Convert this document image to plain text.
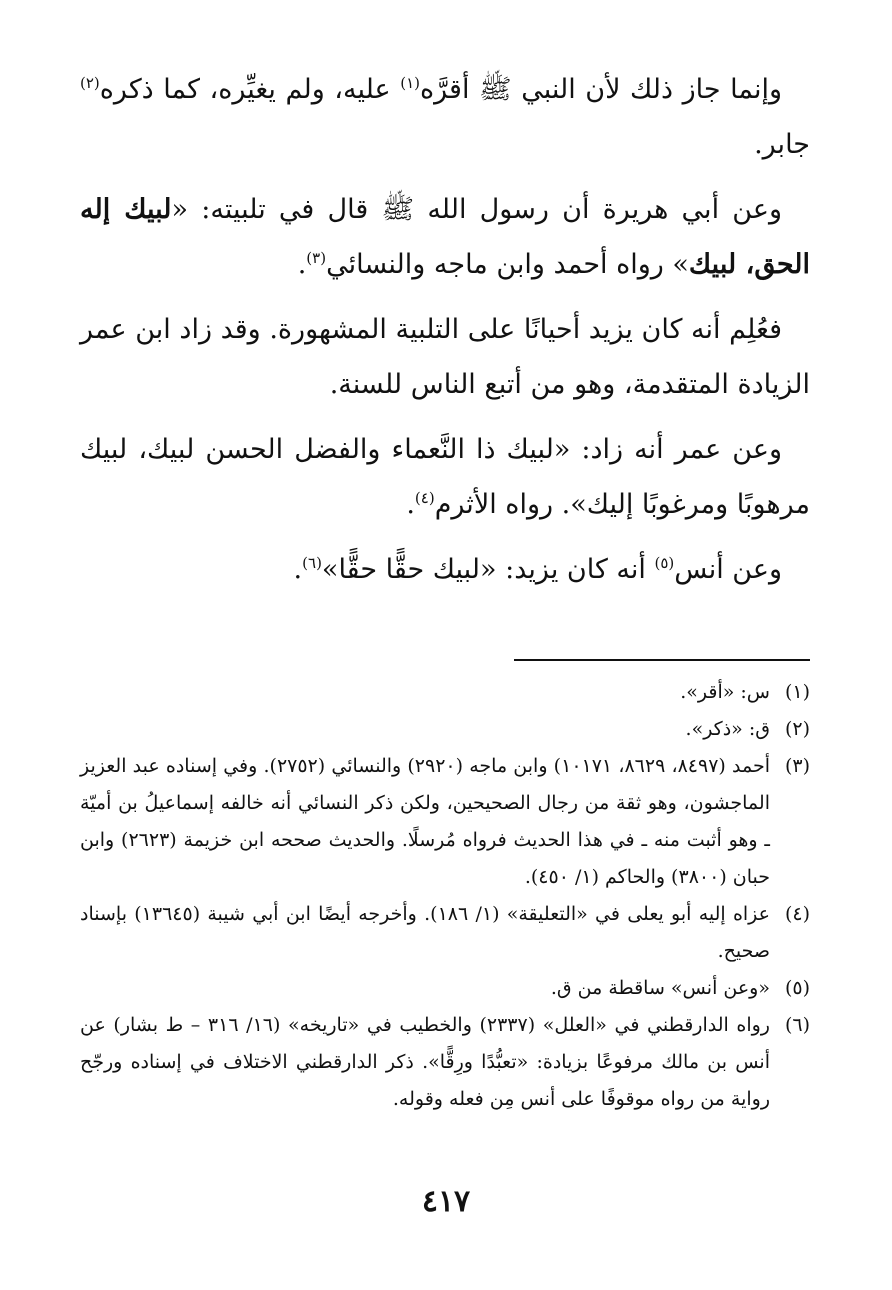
وإنما جاز ذلك لأن النبي ﷺ أقرَّه$^{(١)}$ عليه، ولم يغيِّره، كما ذكره$^{(٢)}$ جابر.

وعن أبي هريرة أن رسول الله ﷺ قال في تلبيته: «لبيك إله الحق، لبيك» رواه أحمد وابن ماجه والنسائي$^{(٣)}$.

فعُلِم أنه كان يزيد أحيانًا على التلبية المشهورة. وقد زاد ابن عمر الزيادة المتقدمة، وهو من أتبع الناس للسنة.

وعن عمر أنه زاد: «لبيك ذا النَّعماء والفضل الحسن لبيك، لبيك مرهوبًا ومرغوبًا إليك». رواه الأثرم$^{(٤)}$.

وعن أنس$^{(٥)}$ أنه كان يزيد: «لبيك حقًّا حقًّا»$^{(٦)}$.

(١)
س: «أقر».
(٢)
ق: «ذكر».
(٣)
أحمد (٨٤٩٧، ٨٦٢٩، ١٠١٧١) وابن ماجه (٢٩٢٠) والنسائي (٢٧٥٢). وفي إسناده عبد العزيز الماجشون، وهو ثقة من رجال الصحيحين، ولكن ذكر النسائي أنه خالفه إسماعيلُ بن أميّة ـ وهو أثبت منه ـ في هذا الحديث فرواه مُرسلًا. والحديث صححه ابن خزيمة (٢٦٢٣) وابن حبان (٣٨٠٠) والحاكم (١/ ٤٥٠).
(٤)
عزاه إليه أبو يعلى في «التعليقة» (١/ ١٨٦). وأخرجه أيضًا ابن أبي شيبة (١٣٦٤٥) بإسناد صحيح.
(٥)
«وعن أنس» ساقطة من ق.
(٦)
رواه الدارقطني في «العلل» (٢٣٣٧) والخطيب في «تاريخه» (١٦/ ٣١٦ – ط بشار) عن أنس بن مالك مرفوعًا بزيادة: «تعبُّدًا ورِقًّا». ذكر الدارقطني الاختلاف في إسناده ورجّح رواية من رواه موقوفًا على أنس مِن فعله وقوله.
٤١٧
